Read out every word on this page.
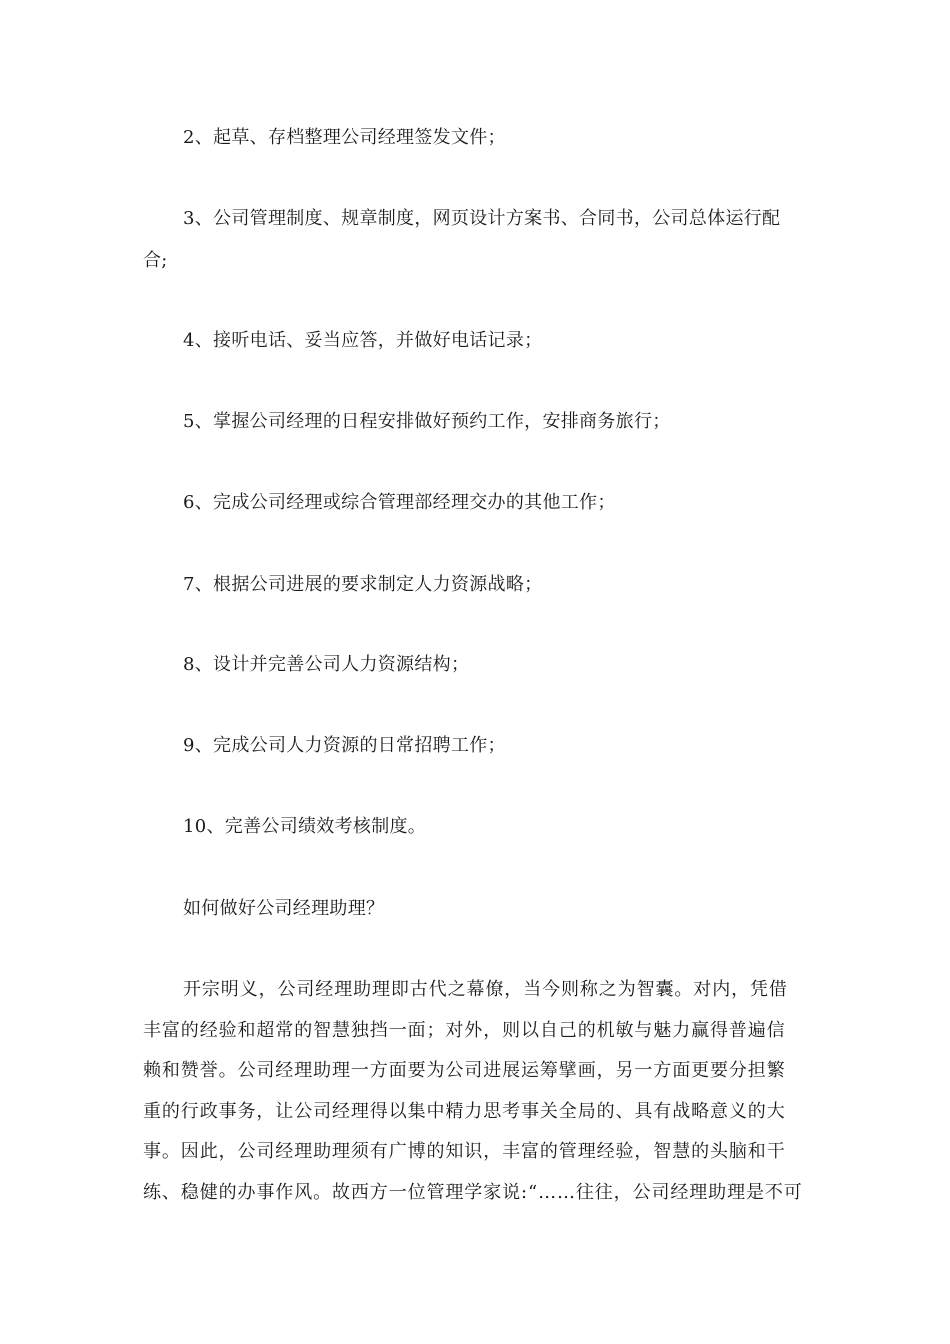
2、起草、存档整理公司经理签发文件；
3、公司管理制度、规章制度，网页设计方案书、合同书，公司总体运行配
合;
4、接听电话、妥当应答，并做好电话记录；
5、掌握公司经理的日程安排做好预约工作，安排商务旅行；
6、完成公司经理或综合管理部经理交办的其他工作；
7、根据公司进展的要求制定人力资源战略；
8、设计并完善公司人力资源结构；
9、完成公司人力资源的日常招聘工作；
10、完善公司绩效考核制度。
如何做好公司经理助理？
开宗明义，公司经理助理即古代之幕僚，当今则称之为智囊。对内，凭借
丰富的经验和超常的智慧独挡一面；对外，则以自己的机敏与魅力赢得普遍信
赖和赞誉。公司经理助理一方面要为公司进展运筹擘画，另一方面更要分担繁
重的行政事务，让公司经理得以集中精力思考事关全局的、具有战略意义的大
事。因此，公司经理助理须有广博的知识，丰富的管理经验，智慧的头脑和干
练、稳健的办事作风。故西方一位管理学家说:“……往往，公司经理助理是不可
